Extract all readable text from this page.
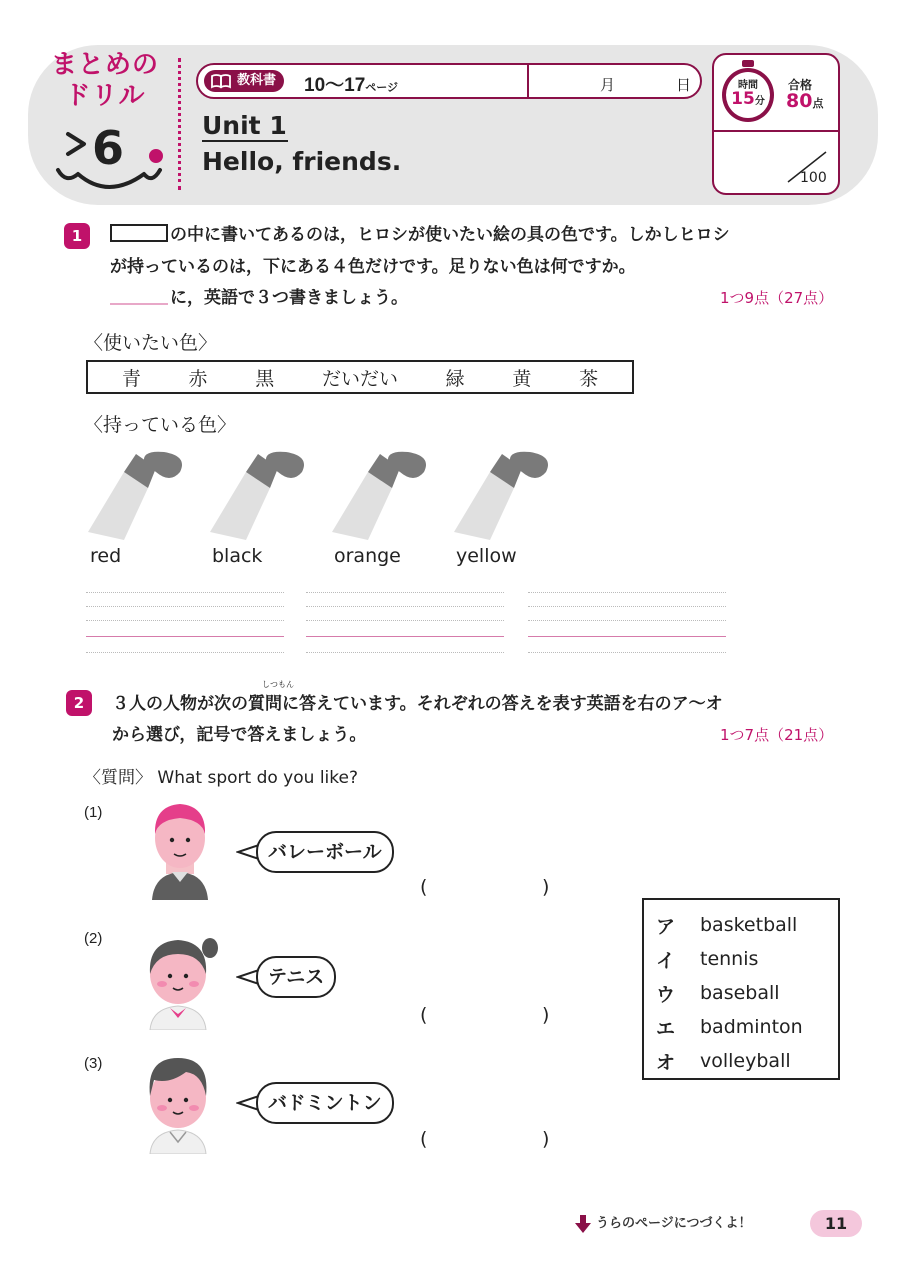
まとめの
ドリル
6
教科書 10～17ページ	月	日
Unit 1
Hello, friends.
時間
15分
合格
80点
100
1	の中に書いてあるのは，ヒロシが使いたい絵の具の色です。しかしヒロシ
が持っているのは，下にある４色だけです。足りない色は何ですか。
に，英語で３つ書きましょう。	1つ9点（27点）
〈使いたい色〉
青	赤	黒	だいだい	緑	黄	茶
〈持っている色〉
red	black	orange	yellow
2
しつもん
３人の人物が次の質問に答えています。それぞれの答えを表す英語を右のア～オ
から選び，記号で答えましょう。	1つ7点（21点）
〈質問〉 What sport do you like?
(1)
バレーボール
(	)
(2)
テニス
(	)
(3)
バドミントン
(	)
ア	basketball
イ	tennis
ウ	baseball
エ	badminton
オ	volleyball
うらのページにつづくよ！	11
